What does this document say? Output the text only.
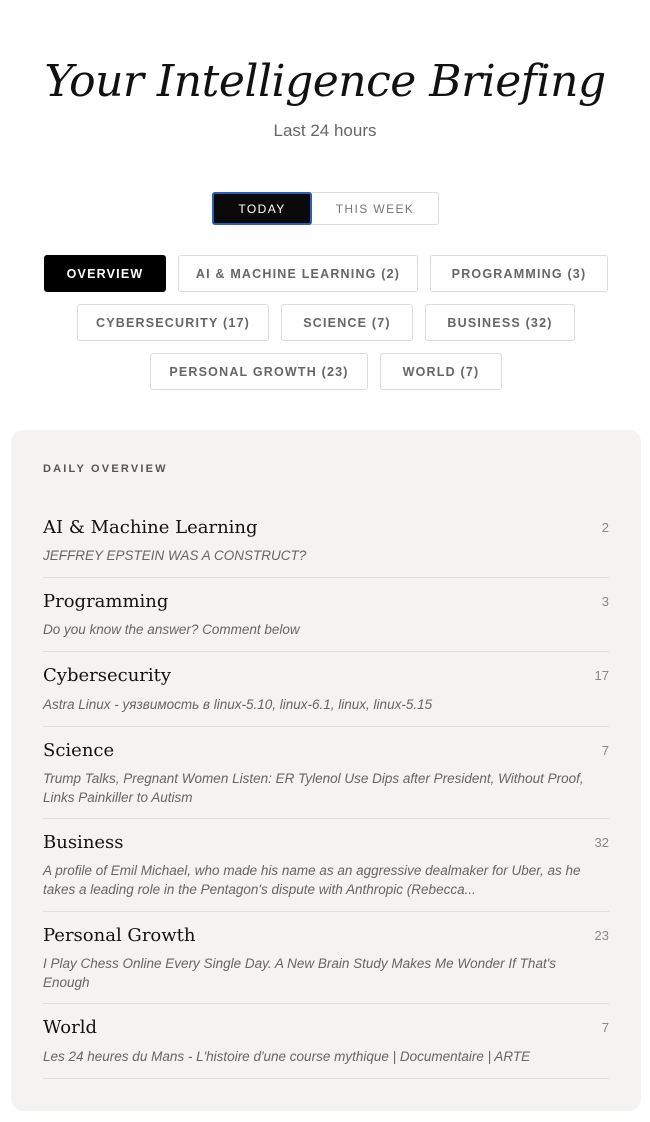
Your Intelligence Briefing
Last 24 hours
TODAY	THIS WEEK
OVERVIEW	AI & MACHINE LEARNING (2)	PROGRAMMING (3)
CYBERSECURITY (17)	SCIENCE (7)	BUSINESS (32)
PERSONAL GROWTH (23)	WORLD (7)
DAILY OVERVIEW
AI & Machine Learning	2
JEFFREY EPSTEIN WAS A CONSTRUCT?
Programming	3
Do you know the answer? Comment below
Cybersecurity	17
Astra Linux - уязвимость в linux-5.10, linux-6.1, linux, linux-5.15
Science	7
Trump Talks, Pregnant Women Listen: ER Tylenol Use Dips after President, Without Proof, Links Painkiller to Autism
Business	32
A profile of Emil Michael, who made his name as an aggressive dealmaker for Uber, as he takes a leading role in the Pentagon's dispute with Anthropic (Rebecca...
Personal Growth	23
I Play Chess Online Every Single Day. A New Brain Study Makes Me Wonder If That's Enough
World	7
Les 24 heures du Mans - L'histoire d'une course mythique | Documentaire | ARTE
